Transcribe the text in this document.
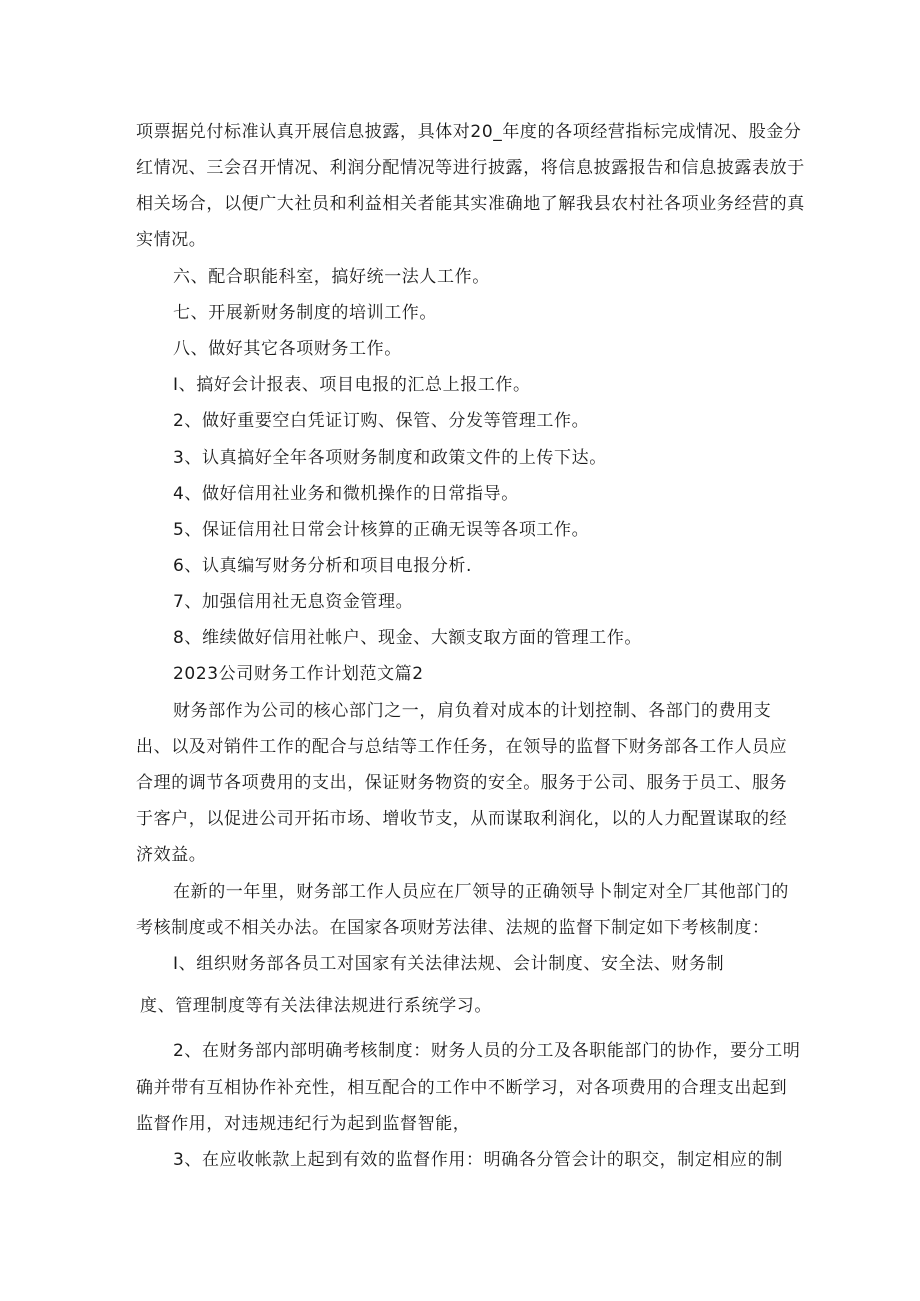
项票据兑付标准认真开展信息披露，具体对20_年度的各项经营指标完成情况、股金分
红情况、三会召开情况、利润分配情况等进行披露，将信息披露报告和信息披露表放于
相关场合，以便广大社员和利益相关者能其实准确地了解我县农村社各项业务经营的真
实情况。
六、配合职能科室，搞好统一法人工作。
七、开展新财务制度的培训工作。
八、做好其它各项财务工作。
I、搞好会计报表、项目电报的汇总上报工作。
2、做好重要空白凭证订购、保管、分发等管理工作。
3、认真搞好全年各项财务制度和政策文件的上传下达。
4、做好信用社业务和微机操作的日常指导。
5、保证信用社日常会计核算的正确无误等各项工作。
6、认真编写财务分析和项目电报分析.
7、加强信用社无息资金管理。
8、维续做好信用社帐户、现金、大额支取方面的管理工作。
2023公司财务工作计划范文篇2
财务部作为公司的核心部门之一，肩负着对成本的计划控制、各部门的费用支
出、以及对销件工作的配合与总结等工作任务，在领导的监督下财务部各工作人员应
合理的调节各项费用的支出，保证财务物资的安全。服务于公司、服务于员工、服务
于客户，以促进公司开拓市场、增收节支，从而谋取利润化，以的人力配置谋取的经
济效益。
在新的一年里，财务部工作人员应在厂领导的正确领导卜制定对全厂其他部门的
考核制度或不相关办法。在国家各项财芳法律、法规的监督下制定如下考核制度：
I、组织财务部各员工对国家有关法律法规、会计制度、安全法、财务制
度、管理制度等有关法律法规进行系统学习。
2、在财务部内部明确考核制度：财务人员的分工及各职能部门的协作，要分工明
确并带有互相协作补充性，相互配合的工作中不断学习，对各项费用的合理支出起到
监督作用，对违规违纪行为起到监督智能，
3、在应收帐款上起到有效的监督作用：明确各分管会计的职交，制定相应的制
